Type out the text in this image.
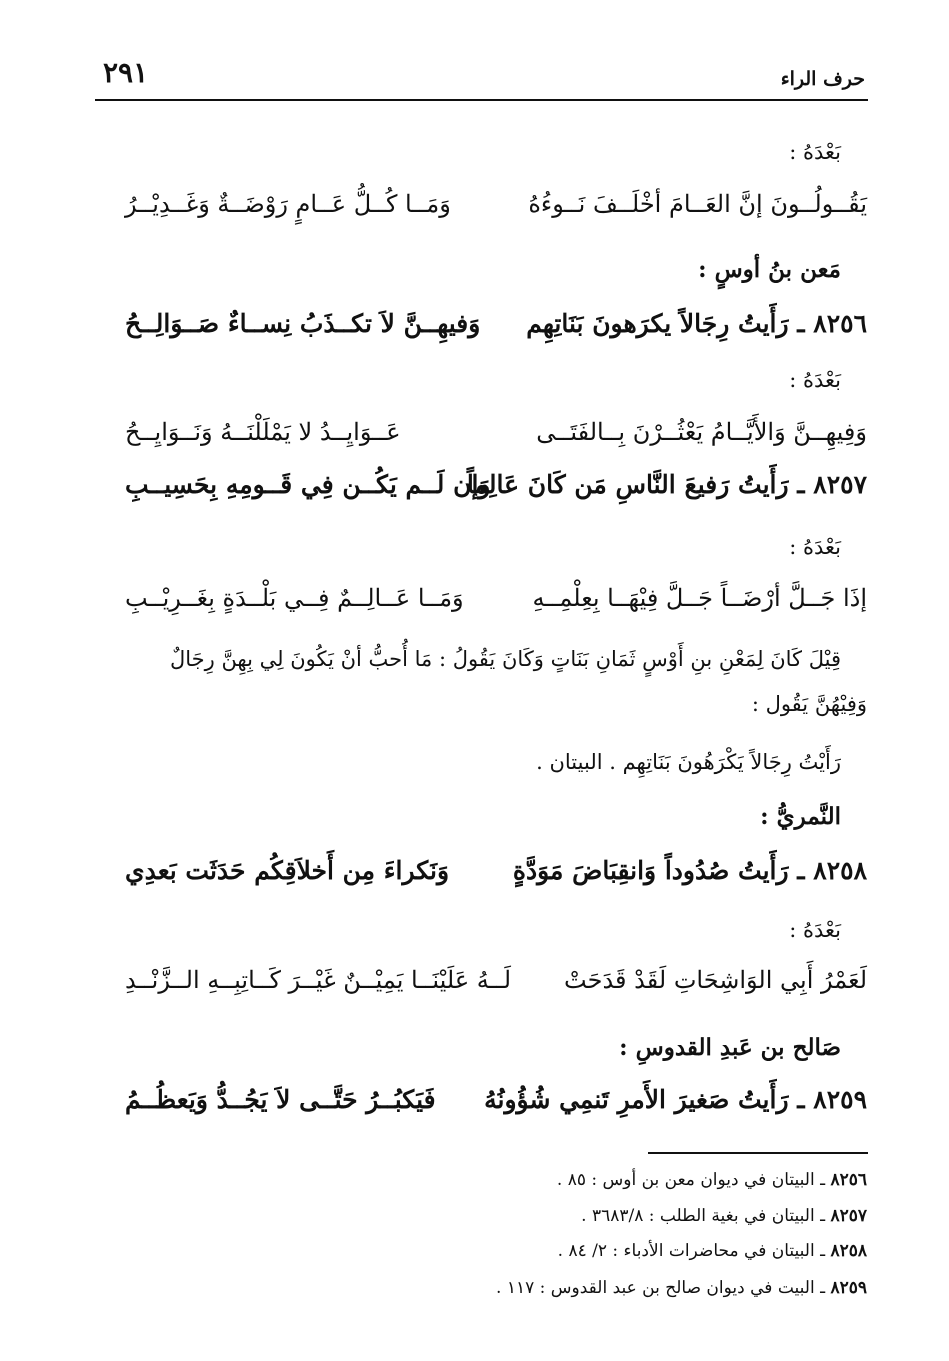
حرف الراء
٢٩١
بَعْدَهُ :
يَقُــولُــونَ إنَّ العَــامَ أخْلَــفَ نَــوءُهُ
وَمَــا كُــلُّ عَــامٍ رَوْضَــةٌ وَغَــدِيْــرُ
مَعن بنُ أوسٍ :
٨٢٥٦ ـ رَأَيتُ رِجَالاً يكرَهونَ بَنَاتِهِم
وَفيهِــنَّ لاَ تكــذَبُ نِســاءٌ صَــوَالِــحُ
بَعْدَهُ :
وَفِيهِــنَّ وَالأَيَّــامُ يَعْثُــرْنَ بِــالفَتَــى
عَــوَايِــدُ لا يَمْلَلْنَــهُ وَنَــوَايِــحُ
٨٢٥٧ ـ رَأَيتُ رَفيعَ النَّاسِ مَن كَانَ عَالِماً
وَإن لَــم يَكُــن فِي قَــومِهِ بِحَسِيــبِ
بَعْدَهُ :
إذَا جَــلَّ أرْضَــاً جَــلَّ فِيْهَــا بِعِلْمِــهِ
وَمَــا عَــالِــمٌ فِــي بَلْــدَةٍ بِغَــرِيْــبِ
قِيْلَ كَانَ لِمَعْنِ بنِ أَوْسٍ ثَمَانِ بَنَاتٍ وَكَانَ يَقُولُ : مَا أُحبُّ أنْ يَكُونَ لِي بِهِنَّ رِجَالٌ
وَفِيْهُنَّ يَقُول :
رَأَيْتُ رِجَالاً يَكْرَهُونَ بَنَاتِهِم . البيتان .
النَّمريُّ :
٨٢٥٨ ـ رَأَيتُ صُدُوداً وَانقِبَاضَ مَوَدَّةٍ
وَنَكراءَ مِن أَخلاَقِكُم حَدَثَت بَعدِي
بَعْدَهُ :
لَعَمْرُ أَبِي الوَاشِحَاتِ لَقَدْ قَدَحَتْ
لَــهُ عَلَيْنَــا يَمِيْــنٌ غَيْــرَ كَــاتِبِــهِ الــزَّنْــدِ
صَالح بن عَبدِ القدوسِ :
٨٢٥٩ ـ رَأَيتُ صَغيرَ الأَمرِ تَنمِي شُؤُونُهُ
فَيَكبُــرُ حَتَّــى لاَ يَجُــدُّ وَيَعظُــمُ
٨٢٥٦ ـ البيتان في ديوان معن بن أوس : ٨٥ .
٨٢٥٧ ـ البيتان في بغية الطلب : ٣٦٨٣/٨ .
٨٢٥٨ ـ البيتان في محاضرات الأدباء : ٢/ ٨٤ .
٨٢٥٩ ـ البيت في ديوان صالح بن عبد القدوس : ١١٧ .
